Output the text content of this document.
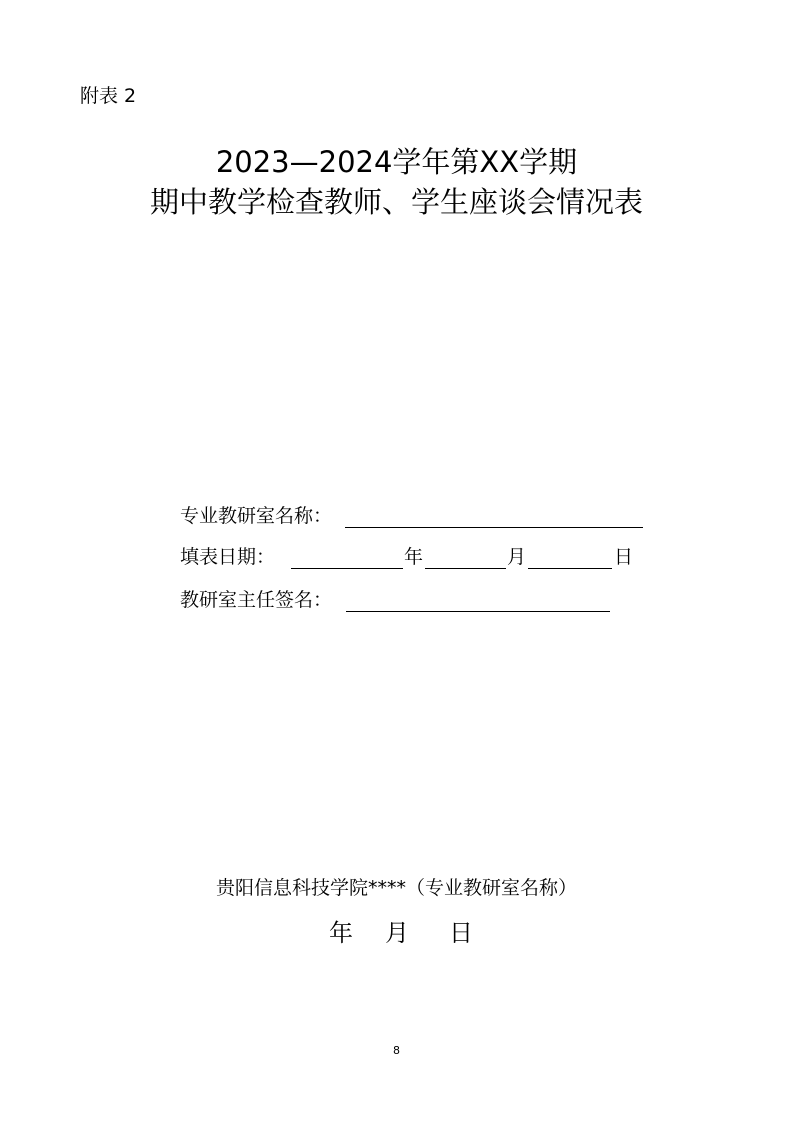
附表 2
2023—2024学年第XX学期
期中教学检查教师、学生座谈会情况表
专业教研室名称：
填表日期：	年	月	日
教研室主任签名：
贵阳信息科技学院****（专业教研室名称）
年 月 日
8
